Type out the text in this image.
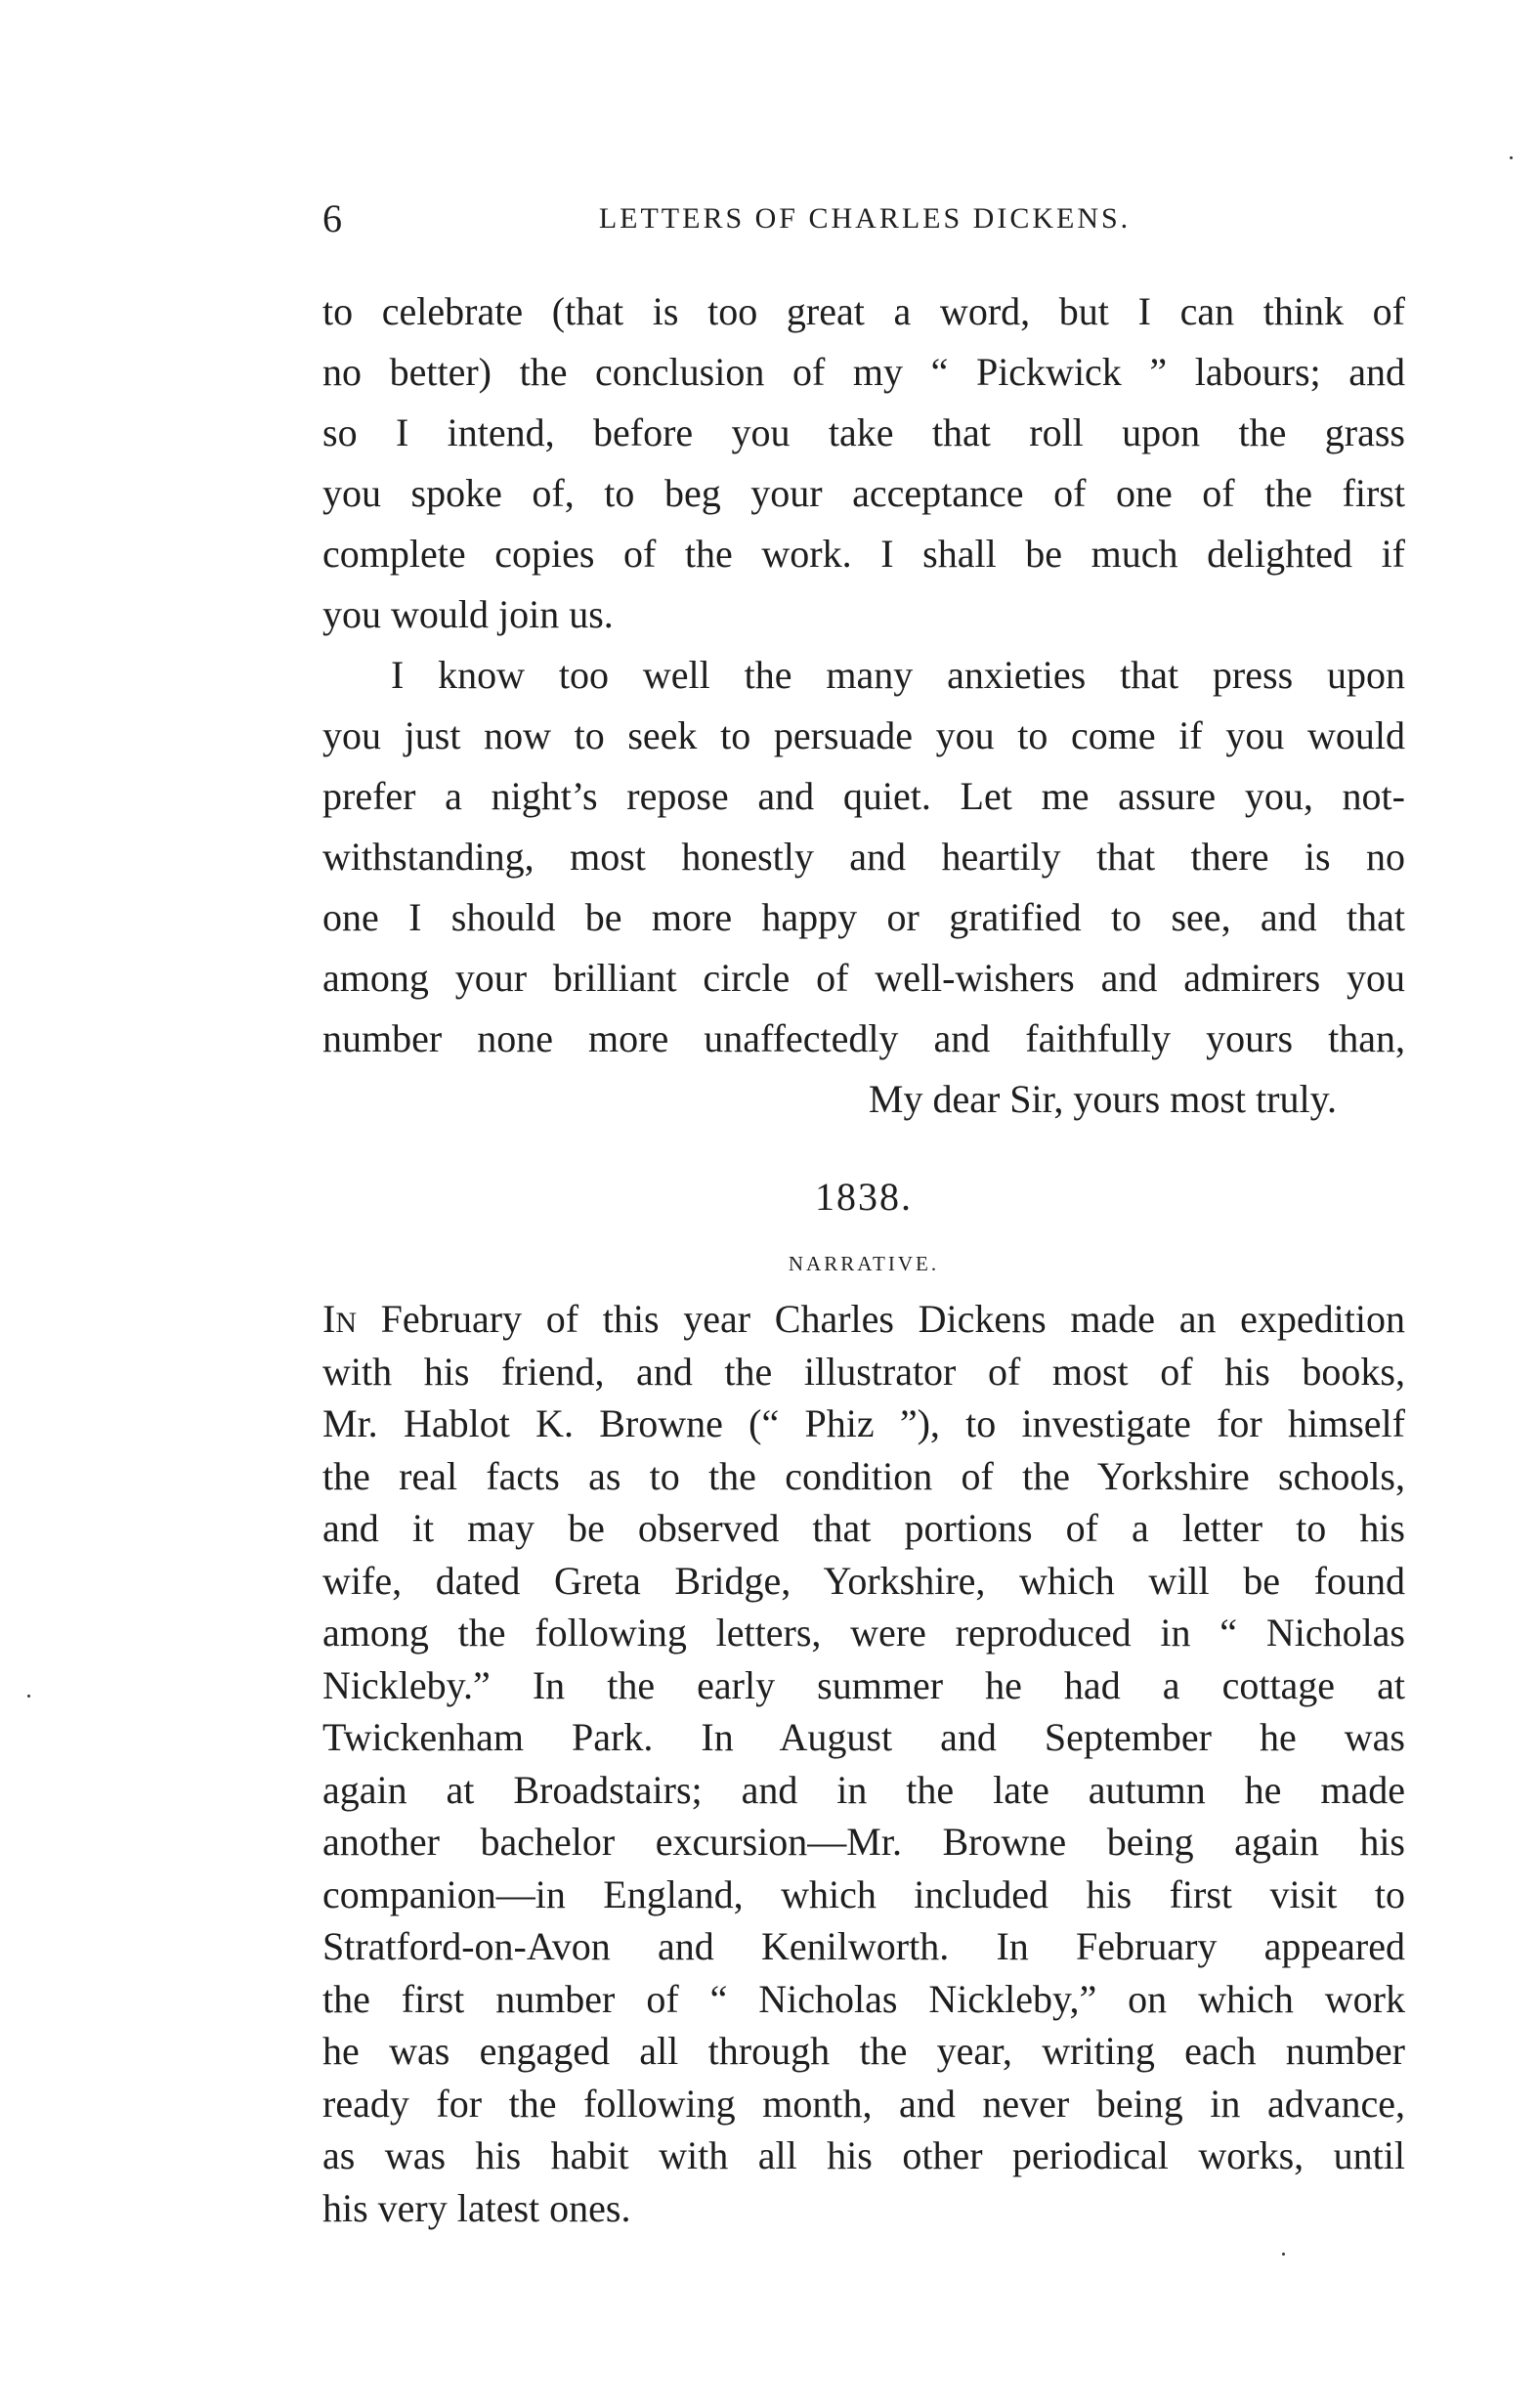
6	LETTERS OF CHARLES DICKENS.
to celebrate (that is too great a word, but I can think of
no better) the conclusion of my “ Pickwick ” labours; and
so I intend, before you take that roll upon the grass
you spoke of, to beg your acceptance of one of the first
complete copies of the work. I shall be much delighted if
you would join us.
I know too well the many anxieties that press upon
you just now to seek to persuade you to come if you would
prefer a night’s repose and quiet. Let me assure you, not-
withstanding, most honestly and heartily that there is no
one I should be more happy or gratified to see, and that
among your brilliant circle of well-wishers and admirers you
number none more unaffectedly and faithfully yours than,
My dear Sir, yours most truly.
1838.
NARRATIVE.
IN February of this year Charles Dickens made an expedition
with his friend, and the illustrator of most of his books,
Mr. Hablot K. Browne (“ Phiz ”), to investigate for himself
the real facts as to the condition of the Yorkshire schools,
and it may be observed that portions of a letter to his
wife, dated Greta Bridge, Yorkshire, which will be found
among the following letters, were reproduced in “ Nicholas
Nickleby.” In the early summer he had a cottage at
Twickenham Park. In August and September he was
again at Broadstairs; and in the late autumn he made
another bachelor excursion—Mr. Browne being again his
companion—in England, which included his first visit to
Stratford-on-Avon and Kenilworth. In February appeared
the first number of “ Nicholas Nickleby,” on which work
he was engaged all through the year, writing each number
ready for the following month, and never being in advance,
as was his habit with all his other periodical works, until
his very latest ones.
